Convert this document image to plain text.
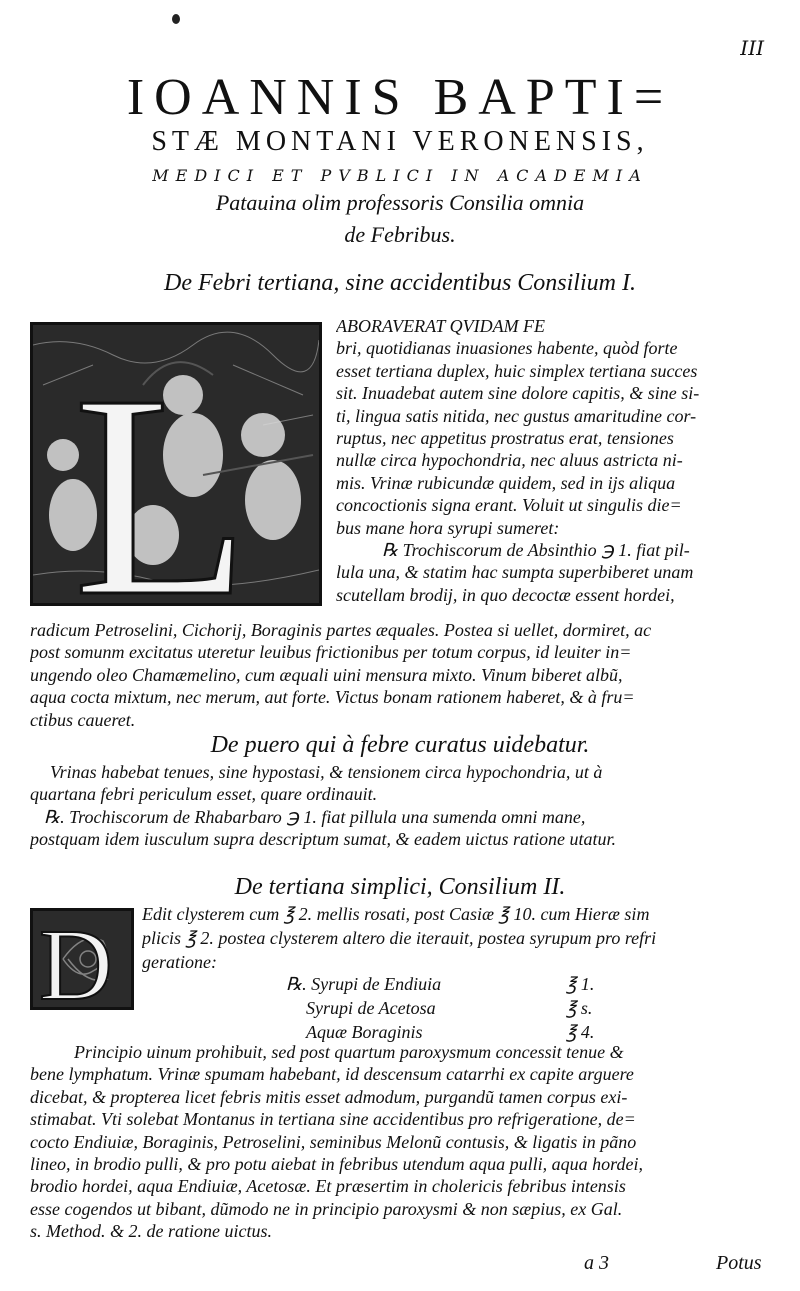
III
IOANNIS BAPTI=
STÆ MONTANI VERONENSIS,
MEDICI ET PVBLICI IN ACADEMIA
Patauina olim professoris Consilia omnia
de Febribus.
De Febri tertiana, sine accidentibus Consilium I.
L
ABORAVERAT QVIDAM FE
bri, quotidianas inuasiones habente, quòd forte
esset tertiana duplex, huic simplex tertiana succes
sit. Inuadebat autem sine dolore capitis, & sine si-
ti, lingua satis nitida, nec gustus amaritudine cor-
ruptus, nec appetitus prostratus erat, tensiones
nullæ circa hypochondria, nec aluus astricta ni-
mis. Vrinæ rubicundæ quidem, sed in ijs aliqua
concoctionis signa erant. Voluit ut singulis die=
bus mane hora syrupi sumeret:
℞ Trochiscorum de Absinthio ℈ 1. fiat pil-
lula una, & statim hac sumpta superbiberet unam
scutellam brodij, in quo decoctæ essent hordei,
radicum Petroselini, Cichorij, Boraginis partes æquales. Postea si uellet, dormiret, ac
post somunm excitatus uteretur leuibus frictionibus per totum corpus, id leuiter in=
ungendo oleo Chamæmelino, cum æquali uini mensura mixto. Vinum biberet albũ,
aqua cocta mixtum, nec merum, aut forte. Victus bonam rationem haberet, & à fru=
ctibus caueret.
De puero qui à febre curatus uidebatur.
Vrinas habebat tenues, sine hypostasi, & tensionem circa hypochondria, ut à
quartana febri periculum esset, quare ordinauit.
℞. Trochiscorum de Rhabarbaro ℈ 1. fiat pillula una sumenda omni mane,
postquam idem iusculum supra descriptum sumat, & eadem uictus ratione utatur.
De tertiana simplici, Consilium II.
D Edit clysterem cum ℥ 2. mellis rosati, post Casiæ ℥ 10. cum Hieræ sim
plicis ℥ 2. postea clysterem altero die iterauit, postea syrupum pro refri
geratione:
℞. Syrupi de Endiuia	℥ 1.
Syrupi de Acetosa	℥ s.
Aquæ Boraginis	℥ 4.
Principio uinum prohibuit, sed post quartum paroxysmum concessit tenue &
bene lymphatum. Vrinæ spumam habebant, id descensum catarrhi ex capite arguere
dicebat, & propterea licet febris mitis esset admodum, purgandũ tamen corpus exi-
stimabat. Vti solebat Montanus in tertiana sine accidentibus pro refrigeratione, de=
cocto Endiuiæ, Boraginis, Petroselini, seminibus Melonũ contusis, & ligatis in pãno
lineo, in brodio pulli, & pro potu aiebat in febribus utendum aqua pulli, aqua hordei,
brodio hordei, aqua Endiuiæ, Acetosæ. Et præsertim in cholericis febribus intensis
esse cogendos ut bibant, dũmodo ne in principio paroxysmi & non sæpius, ex Gal.
s. Method. & 2. de ratione uictus.
a 3	Potus
